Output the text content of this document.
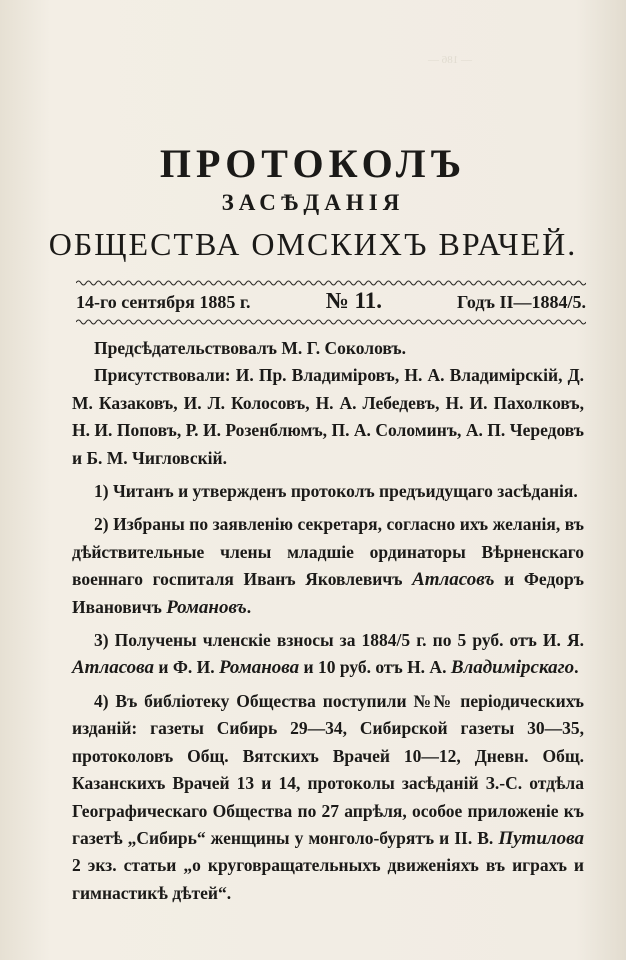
— 186 —
ПРОТОКОЛЪ
ЗАСѢДАНІЯ
ОБЩЕСТВА ОМСКИХЪ ВРАЧЕЙ.
14-го сентября 1885 г.	№ 11.	Годъ II—1884/5.

Предсѣдательствовалъ М. Г. Соколовъ.

Присутствовали: И. Пр. Владиміровъ, Н. А. Владимірскій, Д. М. Казаковъ, И. Л. Колосовъ, Н. А. Лебедевъ, Н. И. Пахолковъ, Н. И. Поповъ, Р. И. Розенблюмъ, П. А. Соломинъ, А. П. Чередовъ и Б. М. Чигловскій.

1) Читанъ и утвержденъ протоколъ предъидущаго засѣданія.

2) Избраны по заявленію секретаря, согласно ихъ желанія, въ дѣйствительные члены младшіе ординаторы Вѣрненскаго военнаго госпиталя Иванъ Яковлевичъ Атласовъ и Федоръ Ивановичъ Романовъ.

3) Получены членскіе взносы за 1884/5 г. по 5 руб. отъ И. Я. Атласова и Ф. И. Романова и 10 руб. отъ Н. А. Владимірскаго.

4) Въ библіотеку Общества поступили №№ періодическихъ изданій: газеты Сибирь 29—34, Сибирской газеты 30—35, протоколовъ Общ. Вятскихъ Врачей 10—12, Дневн. Общ. Казанскихъ Врачей 13 и 14, протоколы засѣданій З.-С. отдѣла Географическаго Общества по 27 апрѣля, особое приложеніе къ газетѣ „Сибирь“ женщины у монголо-бурятъ и II. В. Путилова 2 экз. статьи „о круговращательныхъ движеніяхъ въ играхъ и гимнастикѣ дѣтей“.
